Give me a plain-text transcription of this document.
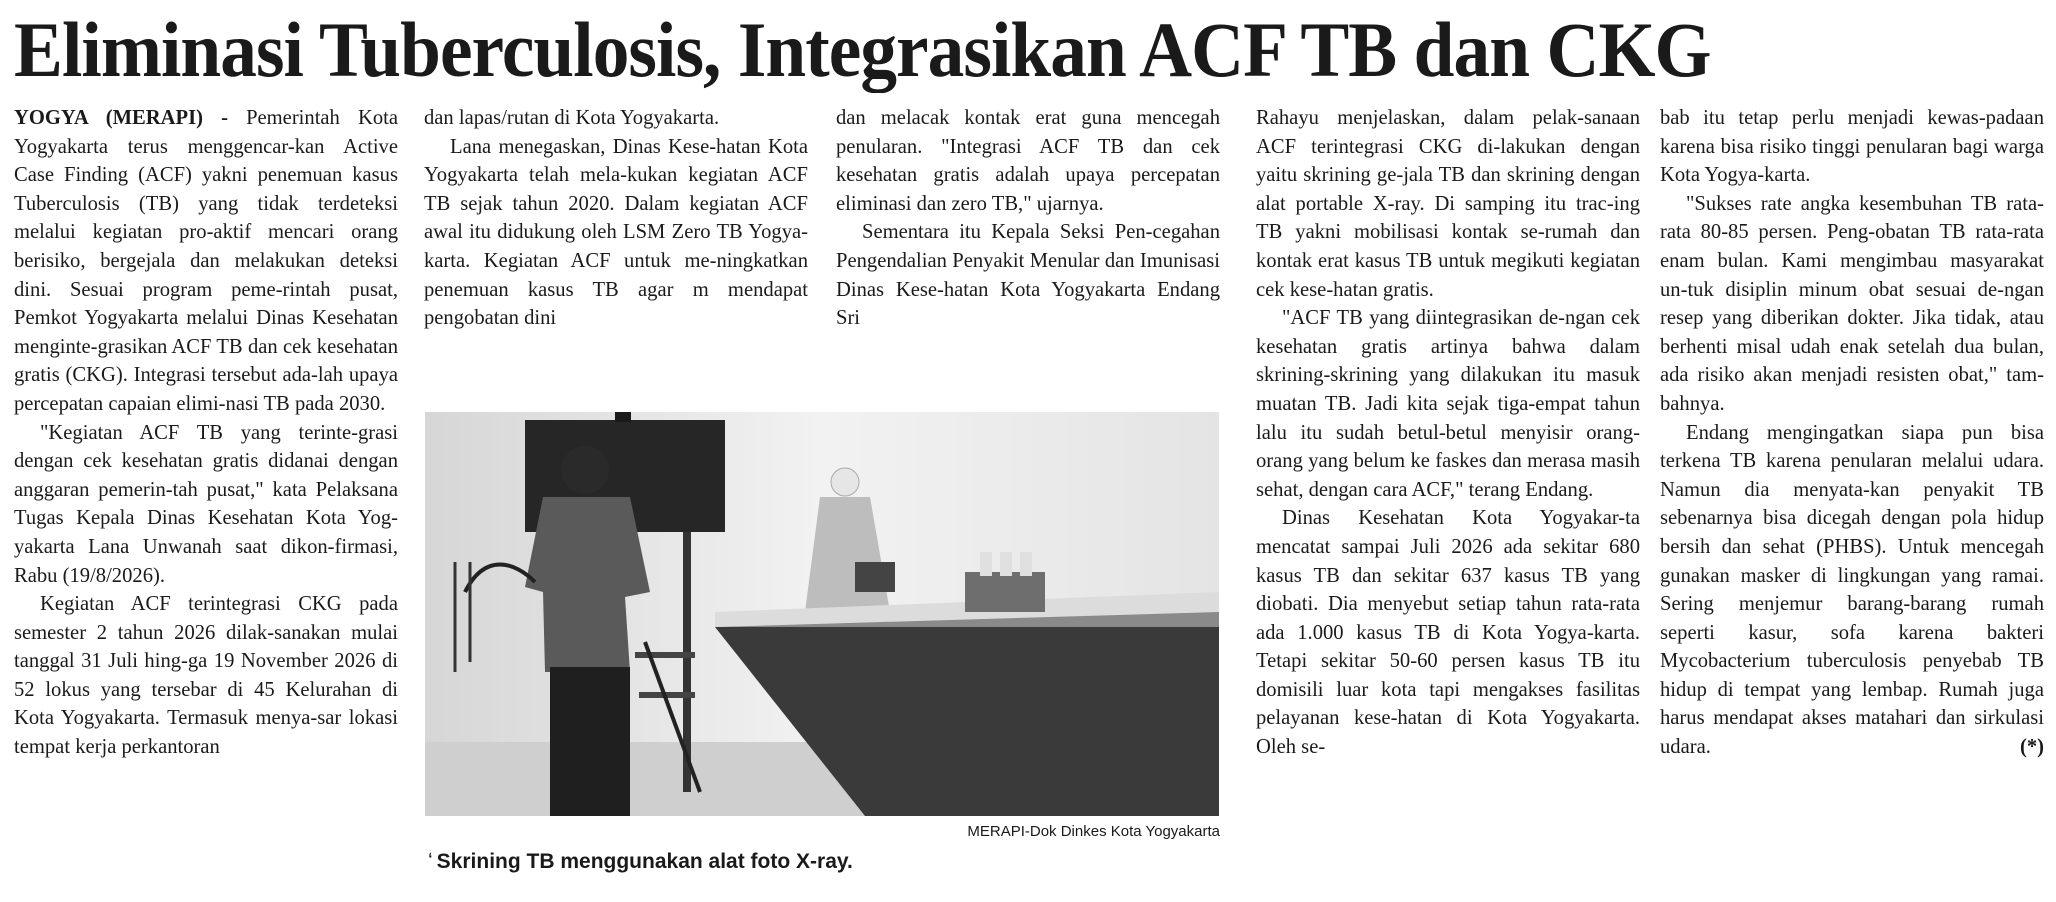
Eliminasi Tuberculosis, Integrasikan ACF TB dan CKG

YOGYA (MERAPI) - Pemerintah Kota Yogyakarta terus menggencar-kan Active Case Finding (ACF) yakni penemuan kasus Tuberculosis (TB) yang tidak terdeteksi melalui kegiatan pro-aktif mencari orang berisiko, bergejala dan melakukan deteksi dini. Sesuai program peme-rintah pusat, Pemkot Yogyakarta melalui Dinas Kesehatan menginte-grasikan ACF TB dan cek kesehatan gratis (CKG). Integrasi tersebut ada-lah upaya percepatan capaian elimi-nasi TB pada 2030.

"Kegiatan ACF TB yang terinte-grasi dengan cek kesehatan gratis didanai dengan anggaran pemerin-tah pusat," kata Pelaksana Tugas Kepala Dinas Kesehatan Kota Yog-yakarta Lana Unwanah saat dikon-firmasi, Rabu (19/8/2026).

Kegiatan ACF terintegrasi CKG pada semester 2 tahun 2026 dilak-sanakan mulai tanggal 31 Juli hing-ga 19 November 2026 di 52 lokus yang tersebar di 45 Kelurahan di Kota Yogyakarta. Termasuk menya-sar lokasi tempat kerja perkantoran

dan lapas/rutan di Kota Yogyakarta.

Lana menegaskan, Dinas Kese-hatan Kota Yogyakarta telah mela-kukan kegiatan ACF TB sejak tahun 2020. Dalam kegiatan ACF awal itu didukung oleh LSM Zero TB Yogya-karta. Kegiatan ACF untuk me-ningkatkan penemuan kasus TB agar m mendapat pengobatan dini

dan melacak kontak erat guna mencegah penularan. "Integrasi ACF TB dan cek kesehatan gratis adalah upaya percepatan eliminasi dan zero TB," ujarnya.

Sementara itu Kepala Seksi Pen-cegahan Pengendalian Penyakit Menular dan Imunisasi Dinas Kese-hatan Kota Yogyakarta Endang Sri

Rahayu menjelaskan, dalam pelak-sanaan ACF terintegrasi CKG di-lakukan dengan yaitu skrining ge-jala TB dan skrining dengan alat portable X-ray. Di samping itu trac-ing TB yakni mobilisasi kontak se-rumah dan kontak erat kasus TB untuk megikuti kegiatan cek kese-hatan gratis.

"ACF TB yang diintegrasikan de-ngan cek kesehatan gratis artinya bahwa dalam skrining-skrining yang dilakukan itu masuk muatan TB. Jadi kita sejak tiga-empat tahun lalu itu sudah betul-betul menyisir orang-orang yang belum ke faskes dan merasa masih sehat, dengan cara ACF," terang Endang.

Dinas Kesehatan Kota Yogyakar-ta mencatat sampai Juli 2026 ada sekitar 680 kasus TB dan sekitar 637 kasus TB yang diobati. Dia menyebut setiap tahun rata-rata ada 1.000 kasus TB di Kota Yogya-karta. Tetapi sekitar 50-60 persen kasus TB itu domisili luar kota tapi mengakses fasilitas pelayanan kese-hatan di Kota Yogyakarta. Oleh se-

bab itu tetap perlu menjadi kewas-padaan karena bisa risiko tinggi penularan bagi warga Kota Yogya-karta.

"Sukses rate angka kesembuhan TB rata-rata 80-85 persen. Peng-obatan TB rata-rata enam bulan. Kami mengimbau masyarakat un-tuk disiplin minum obat sesuai de-ngan resep yang diberikan dokter. Jika tidak, atau berhenti misal udah enak setelah dua bulan, ada risiko akan menjadi resisten obat," tam-bahnya.

Endang mengingatkan siapa pun bisa terkena TB karena penularan melalui udara. Namun dia menyata-kan penyakit TB sebenarnya bisa dicegah dengan pola hidup bersih dan sehat (PHBS). Untuk mencegah gunakan masker di lingkungan yang ramai. Sering menjemur barang-barang rumah seperti kasur, sofa karena bakteri Mycobacterium tuberculosis penyebab TB hidup di tempat yang lembap. Rumah juga harus mendapat akses matahari dan sirkulasi udara.	(*)

MERAPI-Dok Dinkes Kota Yogyakarta
ʻ Skrining TB menggunakan alat foto X-ray.
